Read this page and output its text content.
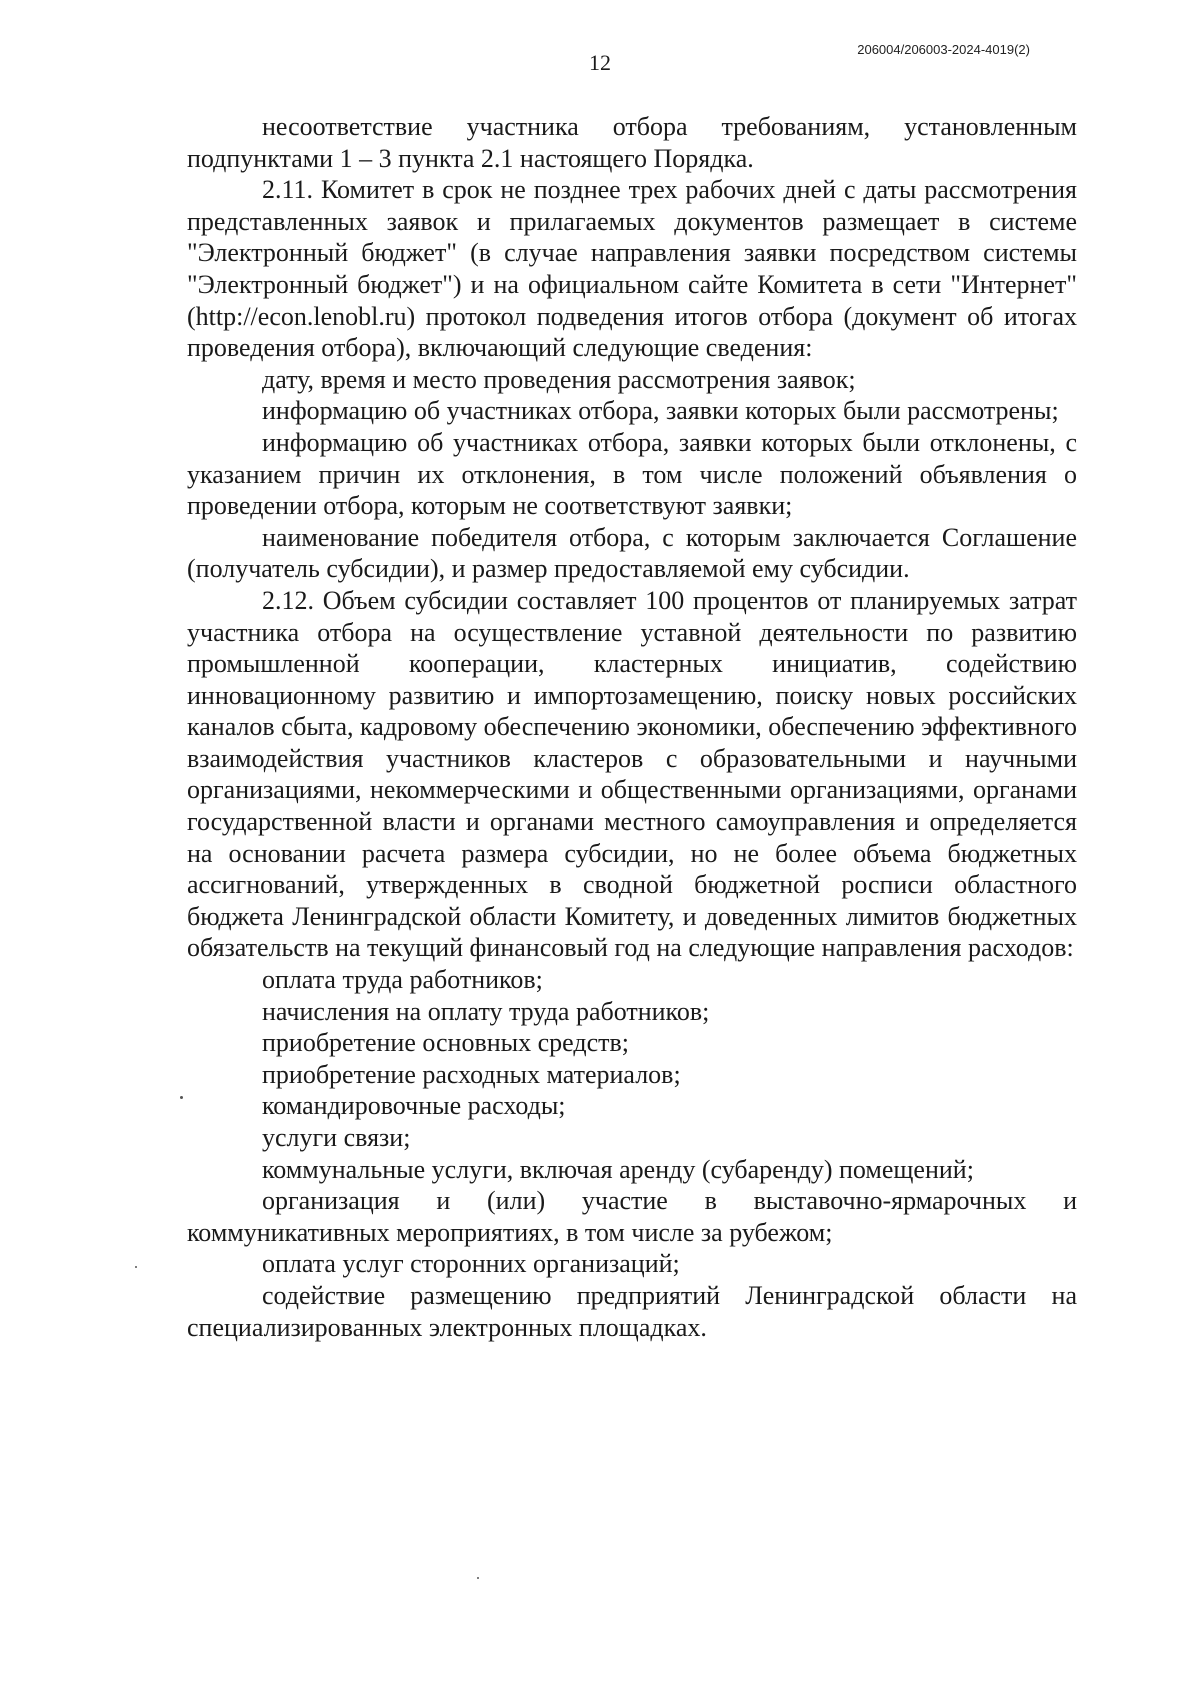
12
206004/206003-2024-4019(2)

несоответствие участника отбора требованиям, установленным подпунктами 1 – 3 пункта 2.1 настоящего Порядка.

2.11. Комитет в срок не позднее трех рабочих дней с даты рассмотрения представленных заявок и прилагаемых документов размещает в системе "Электронный бюджет" (в случае направления заявки посредством системы "Электронный бюджет") и на официальном сайте Комитета в сети "Интернет" (http://econ.lenobl.ru) протокол подведения итогов отбора (документ об итогах проведения отбора), включающий следующие сведения:

дату, время и место проведения рассмотрения заявок;

информацию об участниках отбора, заявки которых были рассмотрены;

информацию об участниках отбора, заявки которых были отклонены, с указанием причин их отклонения, в том числе положений объявления о проведении отбора, которым не соответствуют заявки;

наименование победителя отбора, с которым заключается Соглашение (получатель субсидии), и размер предоставляемой ему субсидии.

2.12. Объем субсидии составляет 100 процентов от планируемых затрат участника отбора на осуществление уставной деятельности по развитию промышленной кооперации, кластерных инициатив, содействию инновационному развитию и импортозамещению, поиску новых российских каналов сбыта, кадровому обеспечению экономики, обеспечению эффективного взаимодействия участников кластеров с образовательными и научными организациями, некоммерческими и общественными организациями, органами государственной власти и органами местного самоуправления и определяется на основании расчета размера субсидии, но не более объема бюджетных ассигнований, утвержденных в сводной бюджетной росписи областного бюджета Ленинградской области Комитету, и доведенных лимитов бюджетных обязательств на текущий финансовый год на следующие направления расходов:

оплата труда работников;

начисления на оплату труда работников;

приобретение основных средств;

приобретение расходных материалов;

командировочные расходы;

услуги связи;

коммунальные услуги, включая аренду (субаренду) помещений;

организация и (или) участие в выставочно-ярмарочных и коммуникативных мероприятиях, в том числе за рубежом;

оплата услуг сторонних организаций;

содействие размещению предприятий Ленинградской области на специализированных электронных площадках.
